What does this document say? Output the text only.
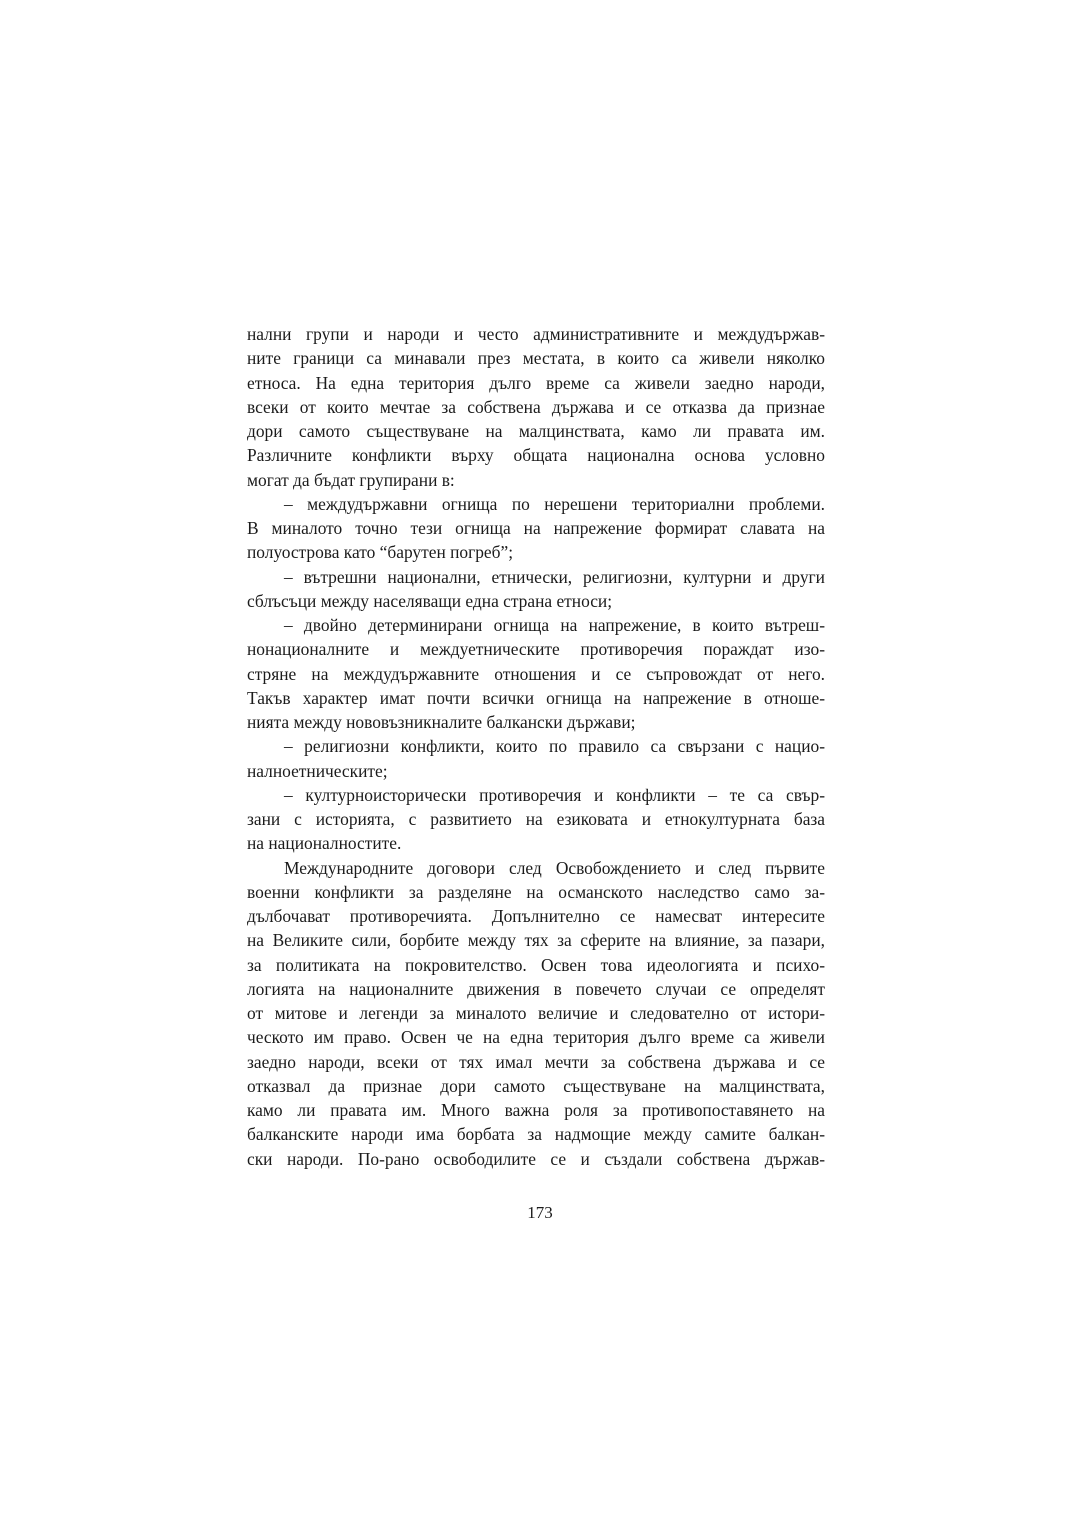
нални групи и народи и често административните и междудържав-
ните граници са минавали през местата, в които са живели няколко
етноса. На една територия дълго време са живели заедно народи,
всеки от които мечтае за собствена държава и се отказва да признае
дори самото съществуване на малцинствата, камо ли правата им.
Различните конфликти върху общата национална основа условно
могат да бъдат групирани в:
– междудържавни огнища по нерешени териториални проблеми.
В миналото точно тези огнища на напрежение формират славата на
полуострова като “барутен погреб”;
– вътрешни национални, етнически, религиозни, културни и други
сблъсъци между населяващи една страна етноси;
– двойно детерминирани огнища на напрежение, в които вътреш-
нонационалните и междуетническите противоречия пораждат изо-
стряне на междудържавните отношения и се съпровождат от него.
Такъв характер имат почти всички огнища на напрежение в отноше-
нията между нововъзникналите балкански държави;
– религиозни конфликти, които по правило са свързани с нацио-
налноетническите;
– културноисторически противоречия и конфликти – те са свър-
зани с историята, с развитието на езиковата и етнокултурната база
на националностите.
Международните договори след Освобождението и след първите
военни конфликти за разделяне на османското наследство само за-
дълбочават противоречията. Допълнително се намесват интересите
на Великите сили, борбите между тях за сферите на влияние, за пазари,
за политиката на покровителство. Освен това идеологията и психо-
логията на националните движения в повечето случаи се определят
от митове и легенди за миналото величие и следователно от истори-
ческото им право. Освен че на една територия дълго време са живели
заедно народи, всеки от тях имал мечти за собствена държава и се
отказвал да признае дори самото съществуване на малцинствата,
камо ли правата им. Много важна роля за противопоставянето на
балканските народи има борбата за надмощие между самите балкан-
ски народи. По-рано освободилите се и създали собствена държав-
173
